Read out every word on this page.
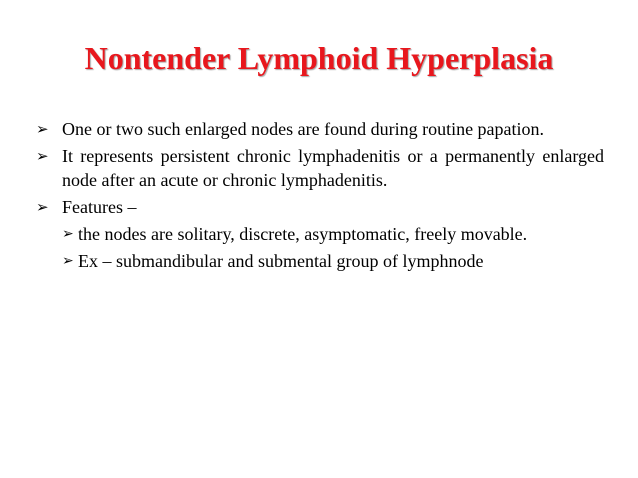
Nontender Lymphoid Hyperplasia
➢ One or two such enlarged nodes are found during routine papation.
➢ It represents persistent chronic lymphadenitis or a permanently enlarged node after an acute or chronic lymphadenitis.
➢ Features –
➢ the nodes are solitary, discrete, asymptomatic, freely movable.
➢ Ex – submandibular and submental group of lymphnode
